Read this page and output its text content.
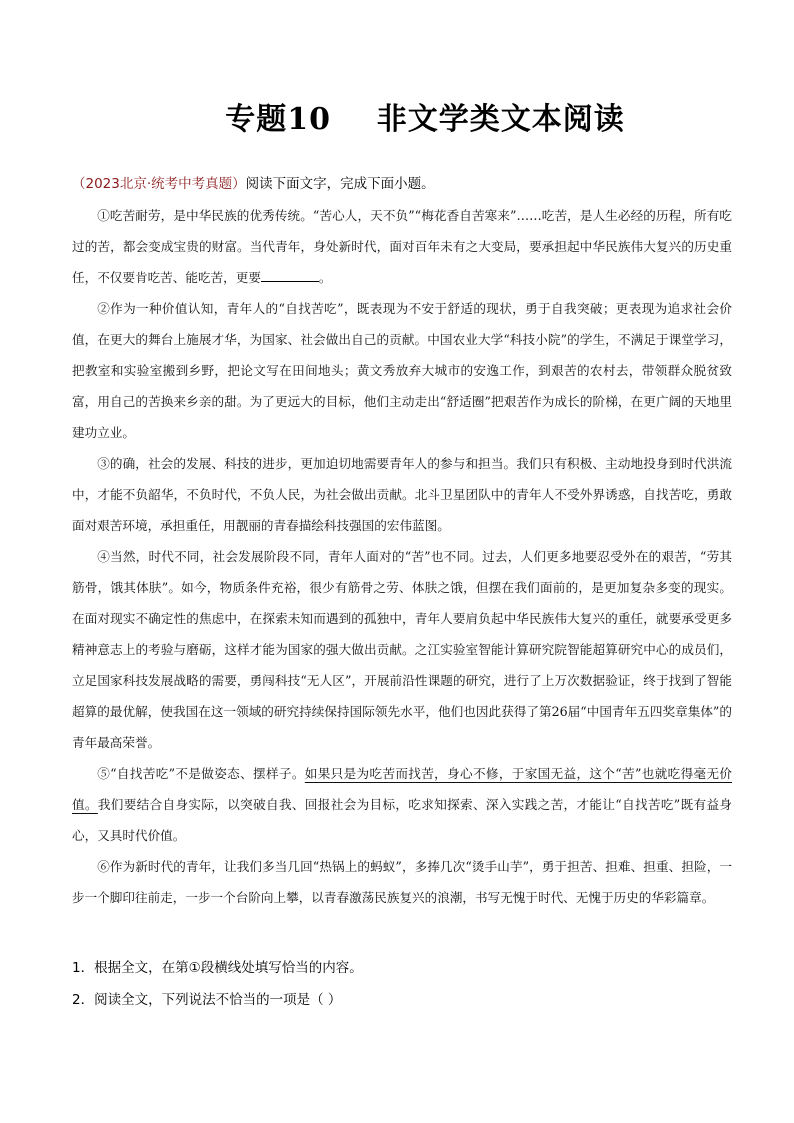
专题10    非文学类文本阅读
（2023北京·统考中考真题）阅读下面文字，完成下面小题。

①吃苦耐劳，是中华民族的优秀传统。“苦心人，天不负”“梅花香自苦寒来”……吃苦，是人生必经的历程，所有吃过的苦，都会变成宝贵的财富。当代青年，身处新时代，面对百年未有之大变局，要承担起中华民族伟大复兴的历史重任，不仅要肯吃苦、能吃苦，更要	。

②作为一种价值认知，青年人的“自找苦吃”，既表现为不安于舒适的现状，勇于自我突破；更表现为追求社会价值，在更大的舞台上施展才华，为国家、社会做出自己的贡献。中国农业大学“科技小院”的学生，不满足于课堂学习，把教室和实验室搬到乡野，把论文写在田间地头；黄文秀放弃大城市的安逸工作，到艰苦的农村去，带领群众脱贫致富，用自己的苦换来乡亲的甜。为了更远大的目标，他们主动走出“舒适圈”把艰苦作为成长的阶梯，在更广阔的天地里建功立业。

③的确，社会的发展、科技的进步，更加迫切地需要青年人的参与和担当。我们只有积极、主动地投身到时代洪流中，才能不负韶华，不负时代，不负人民，为社会做出贡献。北斗卫星团队中的青年人不受外界诱惑，自找苦吃，勇敢面对艰苦环境，承担重任，用靓丽的青春描绘科技强国的宏伟蓝图。

④当然，时代不同，社会发展阶段不同，青年人面对的“苦”也不同。过去，人们更多地要忍受外在的艰苦，“劳其筋骨，饿其体肤”。如今，物质条件充裕，很少有筋骨之劳、体肤之饿，但摆在我们面前的，是更加复杂多变的现实。在面对现实不确定性的焦虑中，在探索未知而遇到的孤独中，青年人要肩负起中华民族伟大复兴的重任，就要承受更多精神意志上的考验与磨砺，这样才能为国家的强大做出贡献。之江实验室智能计算研究院智能超算研究中心的成员们，立足国家科技发展战略的需要，勇闯科技“无人区”，开展前沿性课题的研究，进行了上万次数据验证，终于找到了智能超算的最优解，使我国在这一领域的研究持续保持国际领先水平，他们也因此获得了第26届“中国青年五四奖章集体”的青年最高荣誉。

⑤“自找苦吃”不是做姿态、摆样子。如果只是为吃苦而找苦，身心不修，于家国无益，这个“苦”也就吃得毫无价值。我们要结合自身实际，以突破自我、回报社会为目标，吃求知探索、深入实践之苦，才能让“自找苦吃”既有益身心，又具时代价值。

⑥作为新时代的青年，让我们多当几回“热锅上的蚂蚁”，多捧几次“烫手山芋”，勇于担苦、担难、担重、担险，一步一个脚印往前走，一步一个台阶向上攀，以青春激荡民族复兴的浪潮，书写无愧于时代、无愧于历史的华彩篇章。

1．根据全文，在第①段横线处填写恰当的内容。
2．阅读全文，下列说法不恰当的一项是（ ）
